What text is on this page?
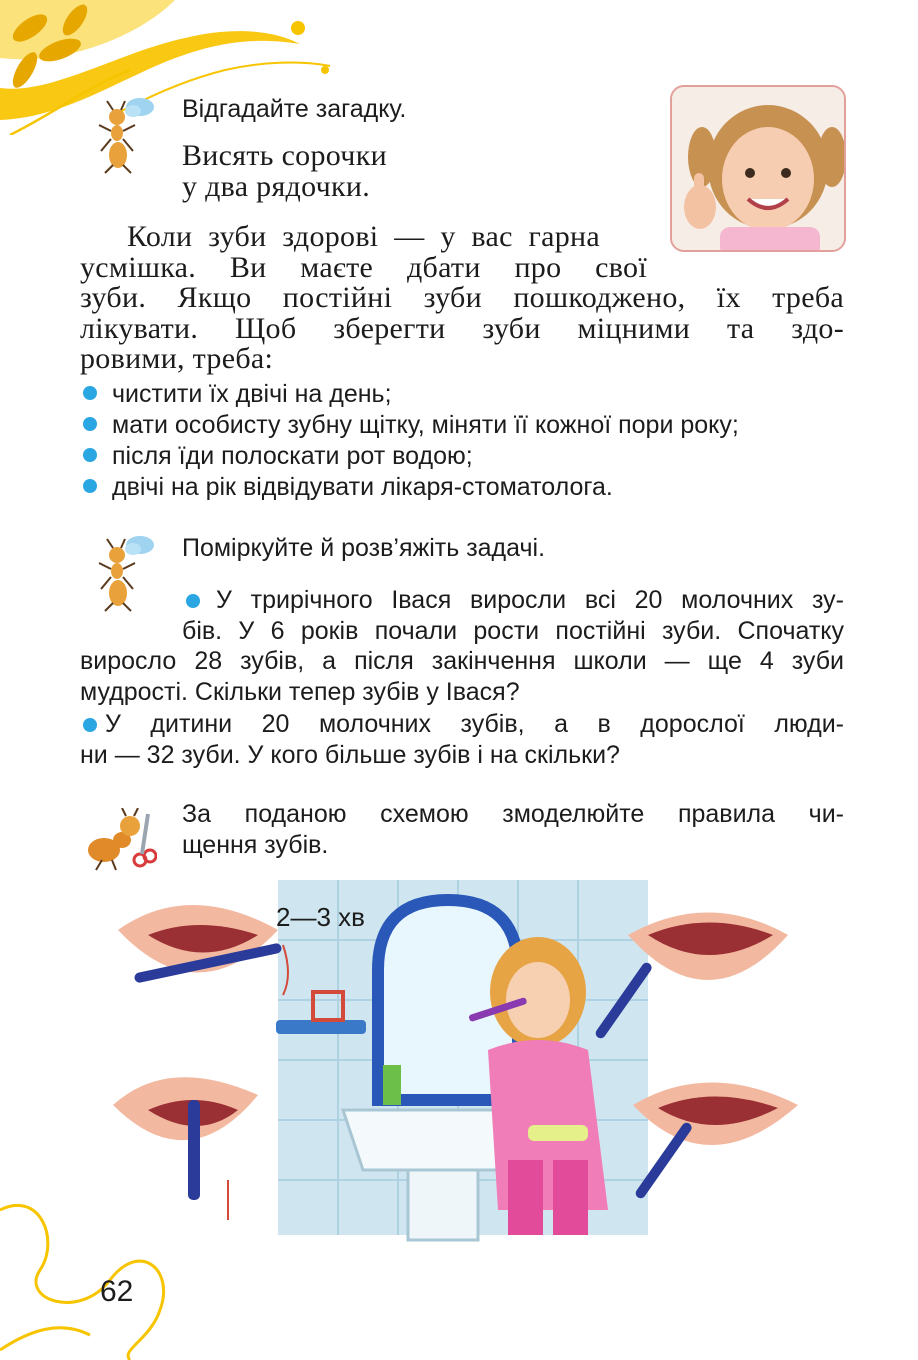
Відгадайте загадку.
Висять сорочки
у два рядочки.
Коли зуби здорові — у вас гарна
усмішка. Ви маєте дбати про свої
зуби. Якщо постійні зуби пошкоджено, їх треба
лікувати. Щоб зберегти зуби міцними та здо-
ровими, треба:
чистити їх двічі на день;
мати особисту зубну щітку, міняти її кожної пори року;
після їди полоскати рот водою;
двічі на рік відвідувати лікаря-стоматолога.
Поміркуйте й розв’яжіть задачі.
У трирічного Івася виросли всі 20 молочних зу-
бів. У 6 років почали рости постійні зуби. Спочатку
виросло 28 зубів, а після закінчення школи — ще 4 зуби
мудрості. Скільки тепер зубів у Івася?
У дитини 20 молочних зубів, а в дорослої люди-
ни — 32 зуби. У кого більше зубів і на скільки?
За поданою схемою змоделюйте правила чи-
щення зубів.
2—3 хв
62
